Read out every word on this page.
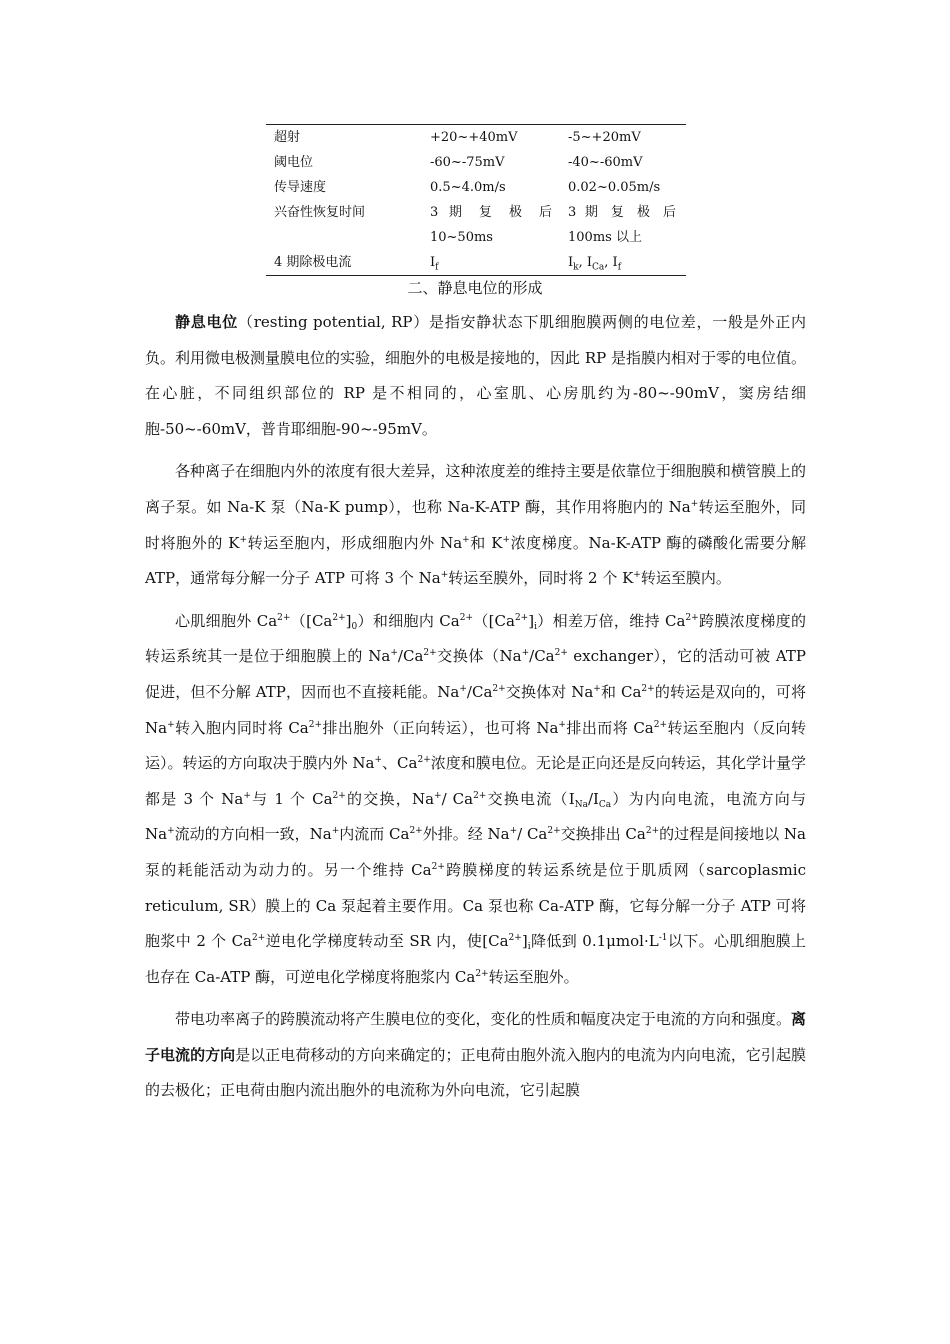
超射	+20~+40mV	-5~+20mV
阈电位	-60~-75mV	-40~-60mV
传导速度	0.5~4.0m/s	0.02~0.05m/s
兴奋性恢复时间	3 期 复 极 后	3 期 复 极 后
10~50ms	100ms 以上
4 期除极电流	$I_f$	$I_k$, $I_{Ca}$, $I_f$
二、静息电位的形成

静息电位（resting potential, RP）是指安静状态下肌细胞膜两侧的电位差，一般是外正内负。利用微电极测量膜电位的实验，细胞外的电极是接地的，因此 RP 是指膜内相对于零的电位值。在心脏，不同组织部位的 RP 是不相同的，心室肌、心房肌约为-80~-90mV，窦房结细胞-50~-60mV，普肯耶细胞-90~-95mV。

各种离子在细胞内外的浓度有很大差异，这种浓度差的维持主要是依靠位于细胞膜和横管膜上的离子泵。如 Na-K 泵（Na-K pump），也称 Na-K-ATP 酶，其作用将胞内的 Na+转运至胞外，同时将胞外的 K+转运至胞内，形成细胞内外 Na+和 K+浓度梯度。Na-K-ATP 酶的磷酸化需要分解 ATP，通常每分解一分子 ATP 可将 3 个 Na+转运至膜外，同时将 2 个 K+转运至膜内。

心肌细胞外 $Ca^{2+}([Ca^{2+}]_0)$和细胞内 $Ca^{2+}([Ca^{2+}]_i)$相差万倍，维持 $Ca^{2+}$跨膜浓度梯度的转运系统其一是位于细胞膜上的 $Na^+/Ca^{2+}$交换体（$Na^+/Ca^{2+}$ exchanger），它的活动可被 ATP 促进，但不分解 ATP，因而也不直接耗能。$Na^+/Ca^{2+}$交换体对 Na+和 $Ca^{2+}$的转运是双向的，可将 Na+转入胞内同时将 $Ca^{2+}$排出胞外（正向转运），也可将 Na+排出而将 $Ca^{2+}$转运至胞内（反向转运）。转运的方向取决于膜内外 Na+、$Ca^{2+}$浓度和膜电位。无论是正向还是反向转运，其化学计量学都是 3 个 Na+与 1 个 $Ca^{2+}$的交换，Na+/ $Ca^{2+}$交换电流$(I_{Na}/I_{Ca})$为内向电流，电流方向与 Na+流动的方向相一致，Na+内流而 $Ca^{2+}$外排。经 Na+/ $Ca^{2+}$交换排出 $Ca^{2+}$的过程是间接地以 Na 泵的耗能活动为动力的。另一个维持 $Ca^{2+}$跨膜梯度的转运系统是位于肌质网（sarcoplasmic reticulum, SR）膜上的 Ca 泵起着主要作用。Ca 泵也称 Ca-ATP 酶，它每分解一分子 ATP 可将胞浆中 2 个 $Ca^{2+}$逆电化学梯度转动至 SR 内，使$[Ca^{2+}]_i$降低到 $0.1\mu mol\cdot L^{-1}$以下。心肌细胞膜上也存在 Ca-ATP 酶，可逆电化学梯度将胞浆内 $Ca^{2+}$转运至胞外。

带电功率离子的跨膜流动将产生膜电位的变化，变化的性质和幅度决定于电流的方向和强度。离子电流的方向是以正电荷移动的方向来确定的；正电荷由胞外流入胞内的电流为内向电流，它引起膜的去极化；正电荷由胞内流出胞外的电流称为外向电流，它引起膜
